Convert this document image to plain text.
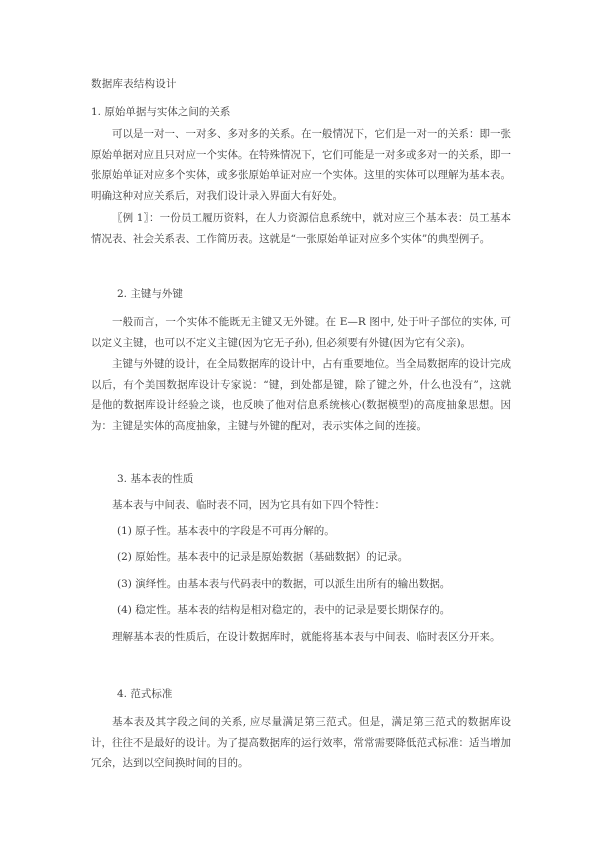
数据库表结构设计
1. 原始单据与实体之间的关系
可以是一对一、一对多、多对多的关系。在一般情况下，它们是一对一的关系：即一张原始单据对应且只对应一个实体。在特殊情况下，它们可能是一对多或多对一的关系，即一张原始单证对应多个实体，或多张原始单证对应一个实体。这里的实体可以理解为基本表。明确这种对应关系后，对我们设计录入界面大有好处。
〖例 1〗：一份员工履历资料，在人力资源信息系统中，就对应三个基本表：员工基本情况表、社会关系表、工作简历表。这就是“一张原始单证对应多个实体”的典型例子。
2. 主键与外键
一般而言，一个实体不能既无主键又无外键。在 E—R 图中, 处于叶子部位的实体, 可以定义主键，也可以不定义主键(因为它无子孙), 但必须要有外键(因为它有父亲)。
主键与外键的设计，在全局数据库的设计中，占有重要地位。当全局数据库的设计完成以后，有个美国数据库设计专家说：“键，到处都是键，除了键之外，什么也没有”，这就是他的数据库设计经验之谈，也反映了他对信息系统核心(数据模型)的高度抽象思想。因为：主键是实体的高度抽象，主键与外键的配对，表示实体之间的连接。
3. 基本表的性质
基本表与中间表、临时表不同，因为它具有如下四个特性：
(1) 原子性。基本表中的字段是不可再分解的。
(2) 原始性。基本表中的记录是原始数据（基础数据）的记录。
(3) 演绎性。由基本表与代码表中的数据，可以派生出所有的输出数据。
(4) 稳定性。基本表的结构是相对稳定的，表中的记录是要长期保存的。
理解基本表的性质后，在设计数据库时，就能将基本表与中间表、临时表区分开来。
4. 范式标准
基本表及其字段之间的关系, 应尽量满足第三范式。但是，满足第三范式的数据库设计，往往不是最好的设计。为了提高数据库的运行效率，常常需要降低范式标准：适当增加冗余，达到以空间换时间的目的。
